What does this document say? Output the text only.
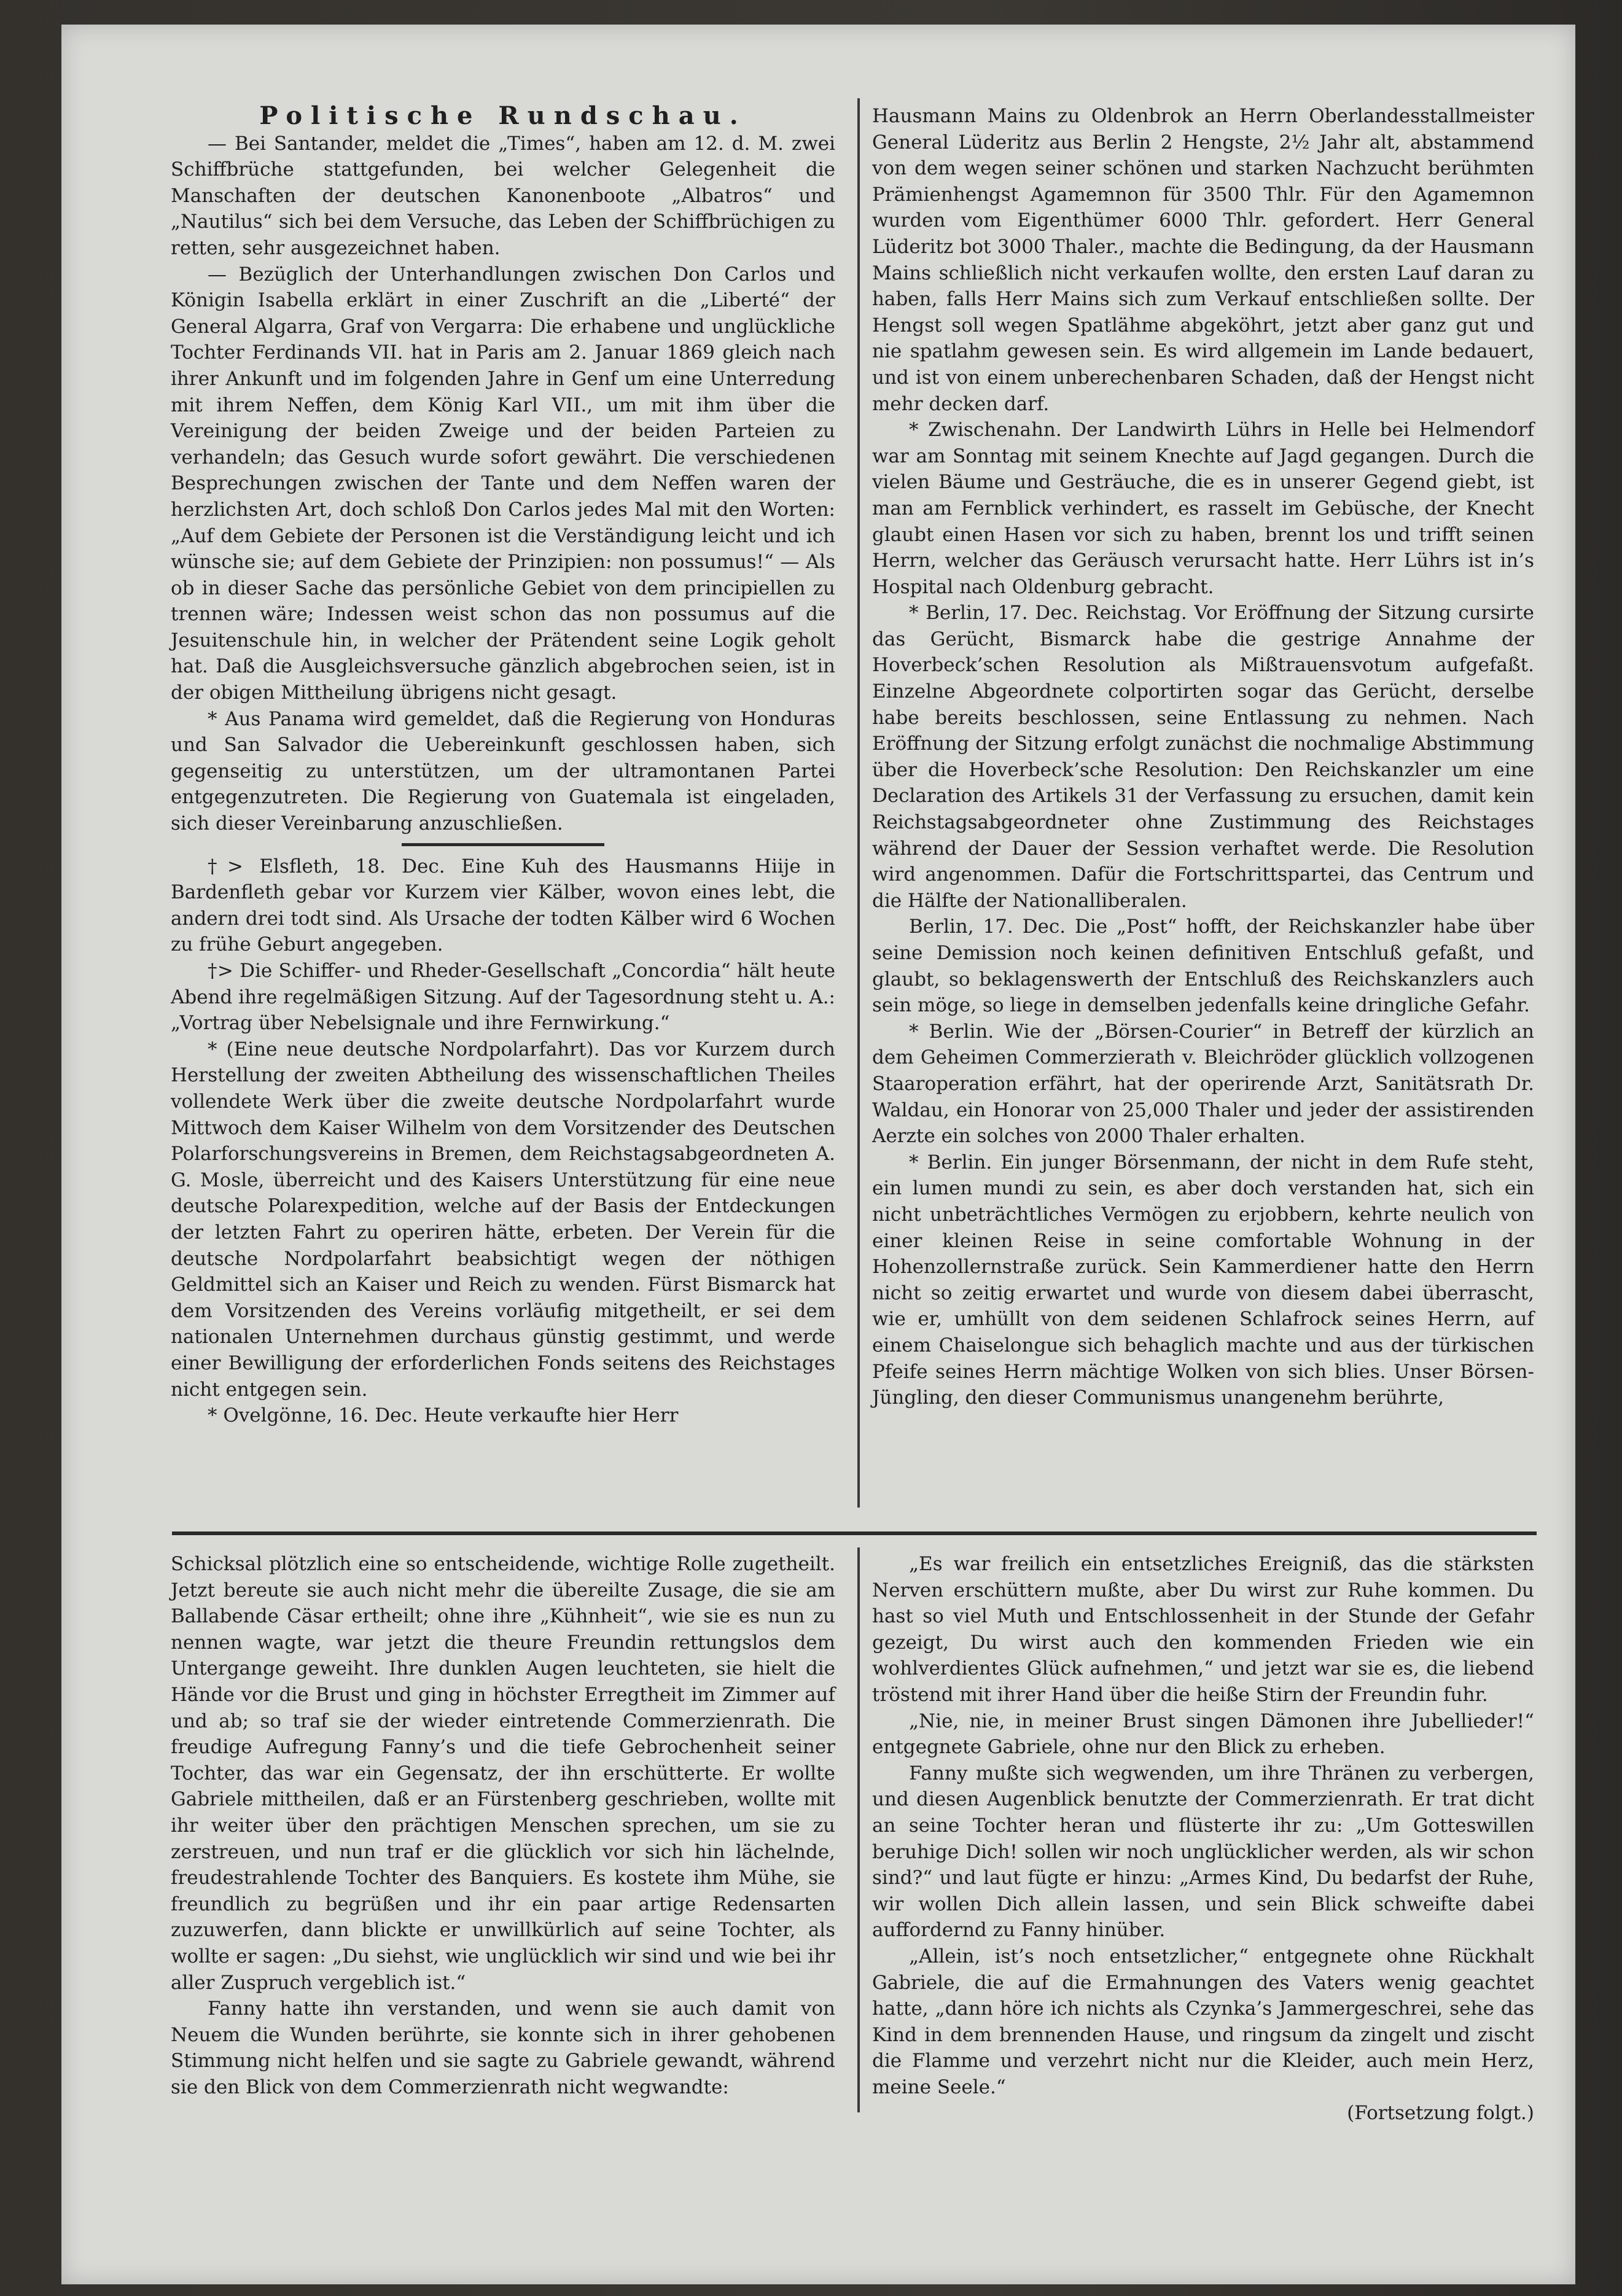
Politische Rundschau.

— Bei Santander, meldet die „Times“, haben am 12. d. M. zwei Schiffbrüche stattgefunden, bei welcher Gelegenheit die Manschaften der deutschen Kanonenboote „Albatros“ und „Nautilus“ sich bei dem Versuche, das Leben der Schiffbrüchigen zu retten, sehr ausgezeichnet haben.

— Bezüglich der Unterhandlungen zwischen Don Carlos und Königin Isabella erklärt in einer Zuschrift an die „Liberté“ der General Algarra, Graf von Vergarra: Die erhabene und unglückliche Tochter Ferdinands VII. hat in Paris am 2. Januar 1869 gleich nach ihrer Ankunft und im folgenden Jahre in Genf um eine Unterredung mit ihrem Neffen, dem König Karl VII., um mit ihm über die Vereinigung der beiden Zweige und der beiden Parteien zu verhandeln; das Gesuch wurde sofort gewährt. Die verschiedenen Besprechungen zwischen der Tante und dem Neffen waren der herzlichsten Art, doch schloß Don Carlos jedes Mal mit den Worten: „Auf dem Gebiete der Personen ist die Verständigung leicht und ich wünsche sie; auf dem Gebiete der Prinzipien: non possumus!“ — Als ob in dieser Sache das persönliche Gebiet von dem principiellen zu trennen wäre; Indessen weist schon das non possumus auf die Jesuitenschule hin, in welcher der Prätendent seine Logik geholt hat. Daß die Ausgleichsversuche gänzlich abgebrochen seien, ist in der obigen Mittheilung übrigens nicht gesagt.

* Aus Panama wird gemeldet, daß die Regierung von Honduras und San Salvador die Uebereinkunft geschlossen haben, sich gegenseitig zu unterstützen, um der ultramontanen Partei entgegenzutreten. Die Regierung von Guatemala ist eingeladen, sich dieser Vereinbarung anzuschließen.

†> Elsfleth, 18. Dec. Eine Kuh des Hausmanns Hiije in Bardenfleth gebar vor Kurzem vier Kälber, wovon eines lebt, die andern drei todt sind. Als Ursache der todten Kälber wird 6 Wochen zu frühe Geburt angegeben.

†> Die Schiffer- und Rheder-Gesellschaft „Concordia“ hält heute Abend ihre regelmäßigen Sitzung. Auf der Tagesordnung steht u. A.: „Vortrag über Nebelsignale und ihre Fernwirkung.“

* (Eine neue deutsche Nordpolarfahrt). Das vor Kurzem durch Herstellung der zweiten Abtheilung des wissenschaftlichen Theiles vollendete Werk über die zweite deutsche Nordpolarfahrt wurde Mittwoch dem Kaiser Wilhelm von dem Vorsitzender des Deutschen Polarforschungsvereins in Bremen, dem Reichstagsabgeordneten A. G. Mosle, überreicht und des Kaisers Unterstützung für eine neue deutsche Polarexpedition, welche auf der Basis der Entdeckungen der letzten Fahrt zu operiren hätte, erbeten. Der Verein für die deutsche Nordpolarfahrt beabsichtigt wegen der nöthigen Geldmittel sich an Kaiser und Reich zu wenden. Fürst Bismarck hat dem Vorsitzenden des Vereins vorläufig mitgetheilt, er sei dem nationalen Unternehmen durchaus günstig gestimmt, und werde einer Bewilligung der erforderlichen Fonds seitens des Reichstages nicht entgegen sein.

* Ovelgönne, 16. Dec. Heute verkaufte hier Herr

Hausmann Mains zu Oldenbrok an Herrn Oberlandesstallmeister General Lüderitz aus Berlin 2 Hengste, 2½ Jahr alt, abstammend von dem wegen seiner schönen und starken Nachzucht berühmten Prämienhengst Agamemnon für 3500 Thlr. Für den Agamemnon wurden vom Eigenthümer 6000 Thlr. gefordert. Herr General Lüderitz bot 3000 Thaler., machte die Bedingung, da der Hausmann Mains schließlich nicht verkaufen wollte, den ersten Lauf daran zu haben, falls Herr Mains sich zum Verkauf entschließen sollte. Der Hengst soll wegen Spatlähme abgeköhrt, jetzt aber ganz gut und nie spatlahm gewesen sein. Es wird allgemein im Lande bedauert, und ist von einem unberechenbaren Schaden, daß der Hengst nicht mehr decken darf.

* Zwischenahn. Der Landwirth Lührs in Helle bei Helmendorf war am Sonntag mit seinem Knechte auf Jagd gegangen. Durch die vielen Bäume und Gesträuche, die es in unserer Gegend giebt, ist man am Fernblick verhindert, es rasselt im Gebüsche, der Knecht glaubt einen Hasen vor sich zu haben, brennt los und trifft seinen Herrn, welcher das Geräusch verursacht hatte. Herr Lührs ist in’s Hospital nach Oldenburg gebracht.

* Berlin, 17. Dec. Reichstag. Vor Eröffnung der Sitzung cursirte das Gerücht, Bismarck habe die gestrige Annahme der Hoverbeck’schen Resolution als Mißtrauensvotum aufgefaßt. Einzelne Abgeordnete colportirten sogar das Gerücht, derselbe habe bereits beschlossen, seine Entlassung zu nehmen. Nach Eröffnung der Sitzung erfolgt zunächst die nochmalige Abstimmung über die Hoverbeck’sche Resolution: Den Reichskanzler um eine Declaration des Artikels 31 der Verfassung zu ersuchen, damit kein Reichstagsabgeordneter ohne Zustimmung des Reichstages während der Dauer der Session verhaftet werde. Die Resolution wird angenommen. Dafür die Fortschrittspartei, das Centrum und die Hälfte der Nationalliberalen.

Berlin, 17. Dec. Die „Post“ hofft, der Reichskanzler habe über seine Demission noch keinen definitiven Entschluß gefaßt, und glaubt, so beklagenswerth der Entschluß des Reichskanzlers auch sein möge, so liege in demselben jedenfalls keine dringliche Gefahr.

* Berlin. Wie der „Börsen-Courier“ in Betreff der kürzlich an dem Geheimen Commerzierath v. Bleichröder glücklich vollzogenen Staaroperation erfährt, hat der operirende Arzt, Sanitätsrath Dr. Waldau, ein Honorar von 25,000 Thaler und jeder der assistirenden Aerzte ein solches von 2000 Thaler erhalten.

* Berlin. Ein junger Börsenmann, der nicht in dem Rufe steht, ein lumen mundi zu sein, es aber doch verstanden hat, sich ein nicht unbeträchtliches Vermögen zu erjobbern, kehrte neulich von einer kleinen Reise in seine comfortable Wohnung in der Hohenzollernstraße zurück. Sein Kammerdiener hatte den Herrn nicht so zeitig erwartet und wurde von diesem dabei überrascht, wie er, umhüllt von dem seidenen Schlafrock seines Herrn, auf einem Chaiselongue sich behaglich machte und aus der türkischen Pfeife seines Herrn mächtige Wolken von sich blies. Unser Börsen-Jüngling, den dieser Communismus unangenehm berührte,

Schicksal plötzlich eine so entscheidende, wichtige Rolle zugetheilt. Jetzt bereute sie auch nicht mehr die übereilte Zusage, die sie am Ballabende Cäsar ertheilt; ohne ihre „Kühnheit“, wie sie es nun zu nennen wagte, war jetzt die theure Freundin rettungslos dem Untergange geweiht. Ihre dunklen Augen leuchteten, sie hielt die Hände vor die Brust und ging in höchster Erregtheit im Zimmer auf und ab; so traf sie der wieder eintretende Commerzienrath. Die freudige Aufregung Fanny’s und die tiefe Gebrochenheit seiner Tochter, das war ein Gegensatz, der ihn erschütterte. Er wollte Gabriele mittheilen, daß er an Fürstenberg geschrieben, wollte mit ihr weiter über den prächtigen Menschen sprechen, um sie zu zerstreuen, und nun traf er die glücklich vor sich hin lächelnde, freudestrahlende Tochter des Banquiers. Es kostete ihm Mühe, sie freundlich zu begrüßen und ihr ein paar artige Redensarten zuzuwerfen, dann blickte er unwillkürlich auf seine Tochter, als wollte er sagen: „Du siehst, wie unglücklich wir sind und wie bei ihr aller Zuspruch vergeblich ist.“

Fanny hatte ihn verstanden, und wenn sie auch damit von Neuem die Wunden berührte, sie konnte sich in ihrer gehobenen Stimmung nicht helfen und sie sagte zu Gabriele gewandt, während sie den Blick von dem Commerzienrath nicht wegwandte:

„Es war freilich ein entsetzliches Ereigniß, das die stärksten Nerven erschüttern mußte, aber Du wirst zur Ruhe kommen. Du hast so viel Muth und Entschlossenheit in der Stunde der Gefahr gezeigt, Du wirst auch den kommenden Frieden wie ein wohlverdientes Glück aufnehmen,“ und jetzt war sie es, die liebend tröstend mit ihrer Hand über die heiße Stirn der Freundin fuhr.

„Nie, nie, in meiner Brust singen Dämonen ihre Jubellieder!“ entgegnete Gabriele, ohne nur den Blick zu erheben.

Fanny mußte sich wegwenden, um ihre Thränen zu verbergen, und diesen Augenblick benutzte der Commerzienrath. Er trat dicht an seine Tochter heran und flüsterte ihr zu: „Um Gotteswillen beruhige Dich! sollen wir noch unglücklicher werden, als wir schon sind?“ und laut fügte er hinzu: „Armes Kind, Du bedarfst der Ruhe, wir wollen Dich allein lassen, und sein Blick schweifte dabei auffordernd zu Fanny hinüber.

„Allein, ist’s noch entsetzlicher,“ entgegnete ohne Rückhalt Gabriele, die auf die Ermahnungen des Vaters wenig geachtet hatte, „dann höre ich nichts als Czynka’s Jammergeschrei, sehe das Kind in dem brennenden Hause, und ringsum da zingelt und zischt die Flamme und verzehrt nicht nur die Kleider, auch mein Herz, meine Seele.“

(Fortsetzung folgt.)
